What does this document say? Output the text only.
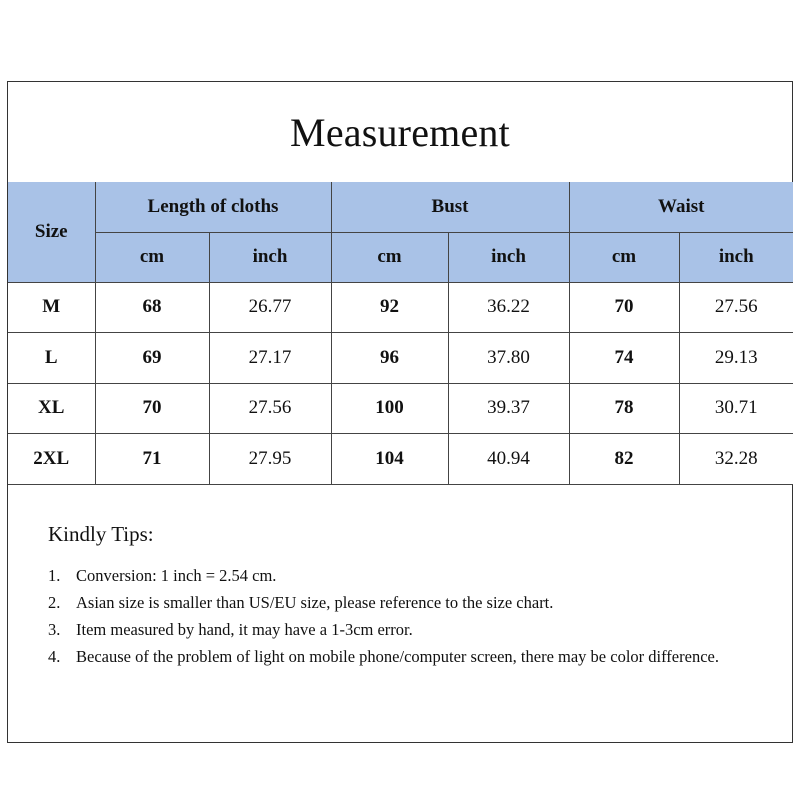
Measurement
Size	Length of cloths		Bust		Waist	
	cm	inch	cm	inch	cm	inch
M	68	26.77	92	36.22	70	27.56
L	69	27.17	96	37.80	74	29.13
XL	70	27.56	100	39.37	78	30.71
2XL	71	27.95	104	40.94	82	32.28
Kindly Tips:
1. Conversion: 1 inch = 2.54 cm.
2. Asian size is smaller than US/EU size, please reference to the size chart.
3. Item measured by hand, it may have a 1-3cm error.
4. Because of the problem of light on mobile phone/computer screen, there may be color difference.
